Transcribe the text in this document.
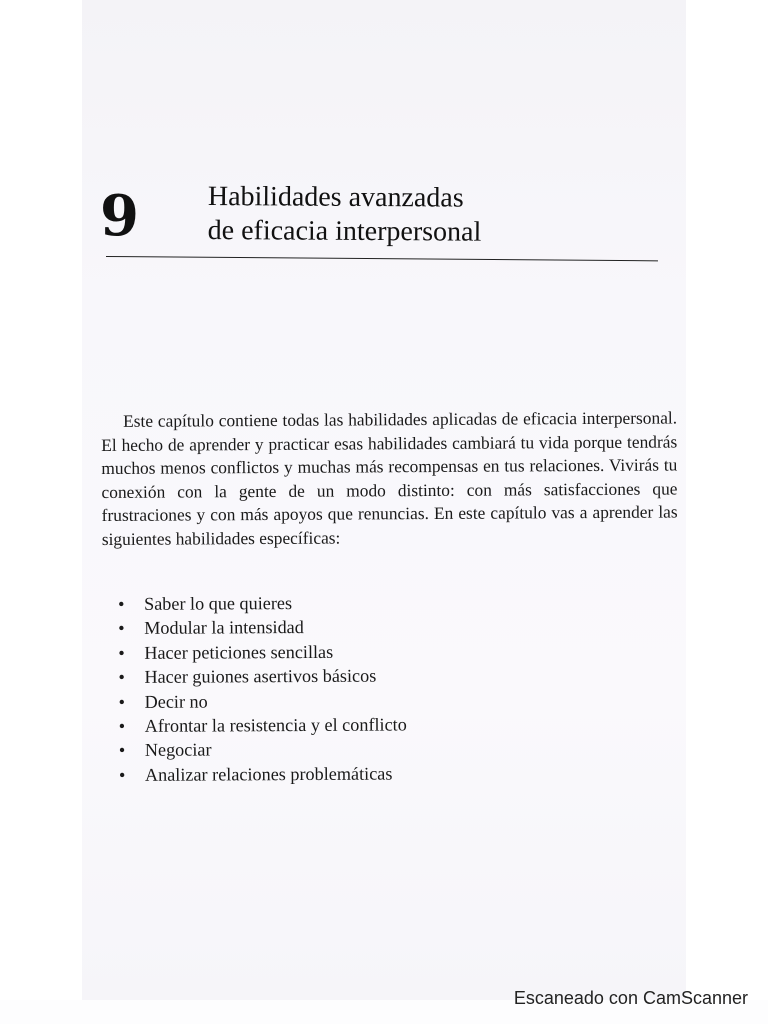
9 Habilidades avanzadas
de eficacia interpersonal

Este capítulo contiene todas las habilidades aplicadas de eficacia interpersonal. El hecho de aprender y practicar esas habilidades cambiará tu vida porque tendrás muchos menos conflictos y muchas más recompensas en tus relaciones. Vivirás tu conexión con la gente de un modo distinto: con más satisfacciones que frustraciones y con más apoyos que renuncias. En este capítulo vas a aprender las siguientes habilidades específicas:

• Saber lo que quieres
• Modular la intensidad
• Hacer peticiones sencillas
• Hacer guiones asertivos básicos
• Decir no
• Afrontar la resistencia y el conflicto
• Negociar
• Analizar relaciones problemáticas
Escaneado con CamScanner
